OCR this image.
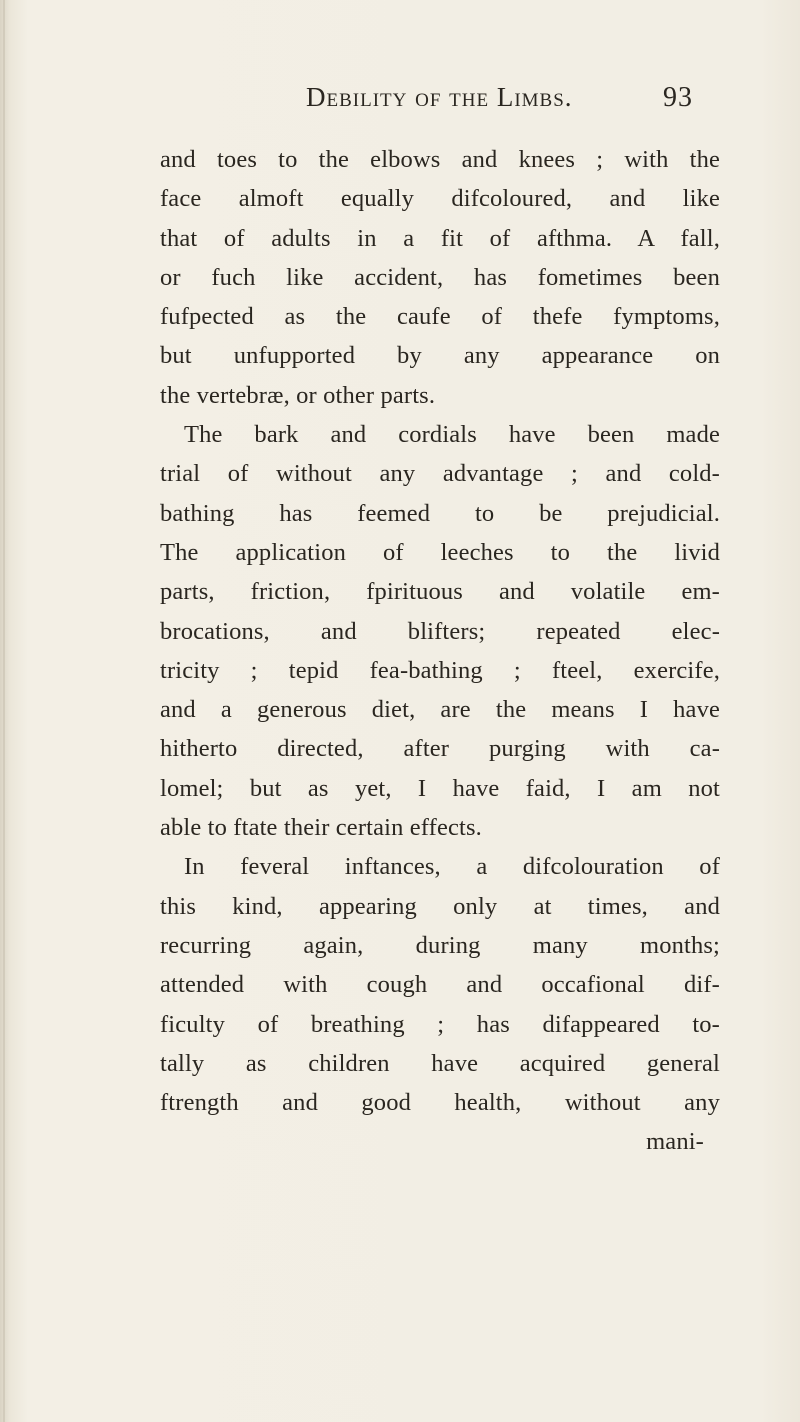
Debility of the Limbs.	93
and toes to the elbows and knees ; with the
face almoft equally difcoloured, and like
that of adults in a fit of afthma. A fall,
or fuch like accident, has fometimes been
fufpected as the caufe of thefe fymptoms,
but unfupported by any appearance on
the vertebræ, or other parts.
The bark and cordials have been made
trial of without any advantage ; and cold-
bathing has feemed to be prejudicial.
The application of leeches to the livid
parts, friction, fpirituous and volatile em-
brocations, and blifters; repeated elec-
tricity ; tepid fea-bathing ; fteel, exercife,
and a generous diet, are the means I have
hitherto directed, after purging with ca-
lomel; but as yet, I have faid, I am not
able to ftate their certain effects.
In feveral inftances, a difcolouration of
this kind, appearing only at times, and
recurring again, during many months;
attended with cough and occafional dif-
ficulty of breathing ; has difappeared to-
tally as children have acquired general
ftrength and good health, without any
mani-
